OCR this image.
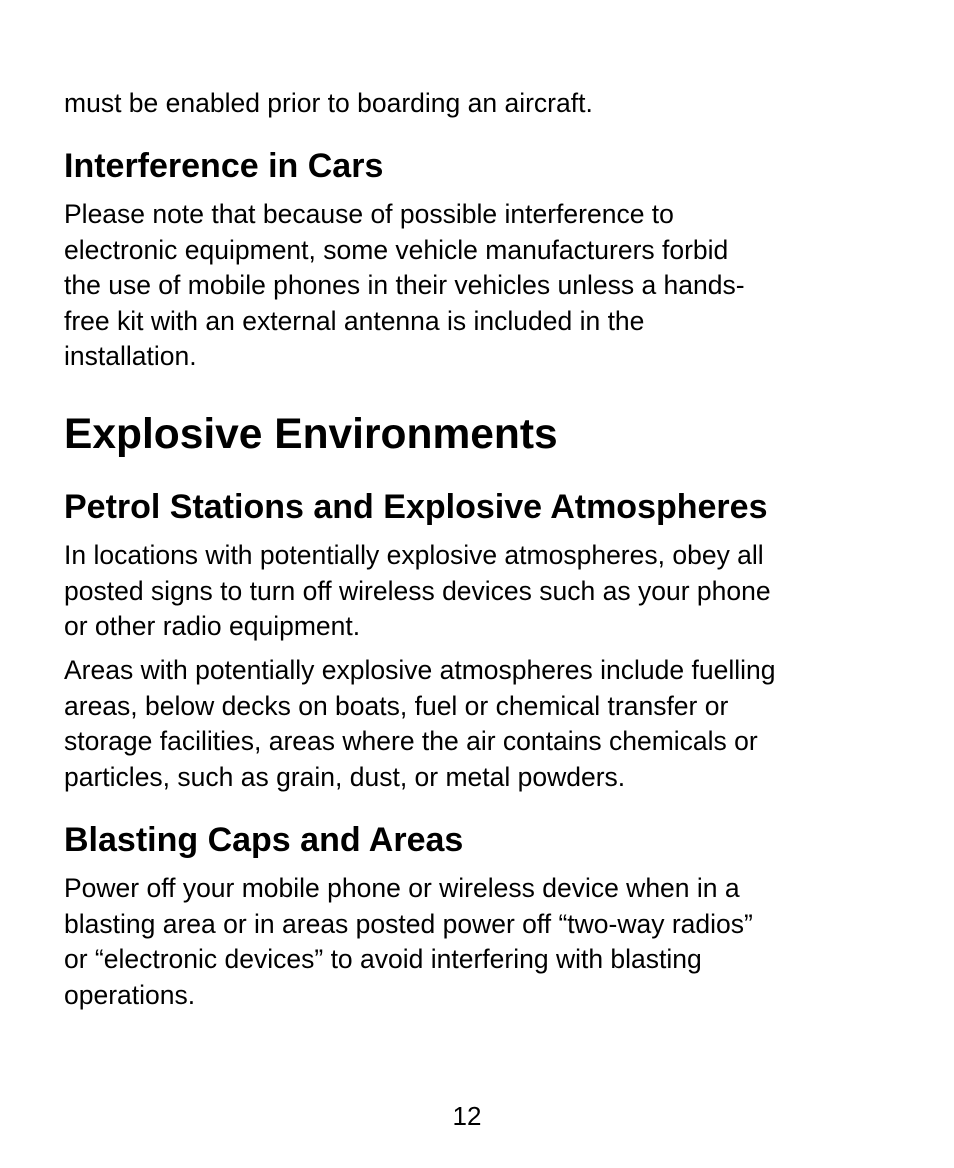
must be enabled prior to boarding an aircraft.

Interference in Cars

Please note that because of possible interference to
electronic equipment, some vehicle manufacturers forbid
the use of mobile phones in their vehicles unless a hands-
free kit with an external antenna is included in the
installation.

Explosive Environments
Petrol Stations and Explosive Atmospheres

In locations with potentially explosive atmospheres, obey all
posted signs to turn off wireless devices such as your phone
or other radio equipment.

Areas with potentially explosive atmospheres include fuelling
areas, below decks on boats, fuel or chemical transfer or
storage facilities, areas where the air contains chemicals or
particles, such as grain, dust, or metal powders.

Blasting Caps and Areas

Power off your mobile phone or wireless device when in a
blasting area or in areas posted power off “two-way radios”
or “electronic devices” to avoid interfering with blasting
operations.

12
